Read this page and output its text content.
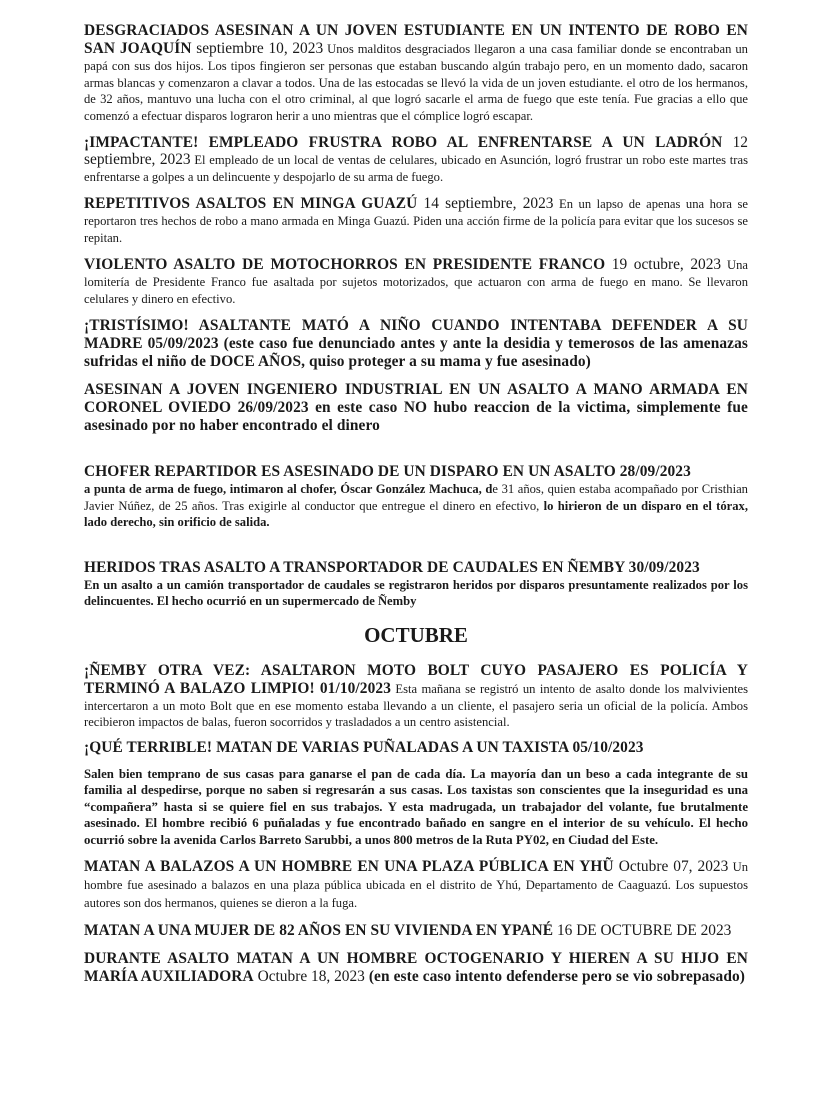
DESGRACIADOS ASESINAN A UN JOVEN ESTUDIANTE EN UN INTENTO DE ROBO EN SAN JOAQUÍN septiembre 10, 2023 Unos malditos desgraciados llegaron a una casa familiar donde se encontraban un papá con sus dos hijos. Los tipos fingieron ser personas que estaban buscando algún trabajo pero, en un momento dado, sacaron armas blancas y comenzaron a clavar a todos. Una de las estocadas se llevó la vida de un joven estudiante. el otro de los hermanos, de 32 años, mantuvo una lucha con el otro criminal, al que logró sacarle el arma de fuego que este tenía. Fue gracias a ello que comenzó a efectuar disparos lograron herir a uno mientras que el cómplice logró escapar.
¡IMPACTANTE! EMPLEADO FRUSTRA ROBO AL ENFRENTARSE A UN LADRÓN 12 septiembre, 2023 El empleado de un local de ventas de celulares, ubicado en Asunción, logró frustrar un robo este martes tras enfrentarse a golpes a un delincuente y despojarlo de su arma de fuego.
REPETITIVOS ASALTOS EN MINGA GUAZÚ 14 septiembre, 2023 En un lapso de apenas una hora se reportaron tres hechos de robo a mano armada en Minga Guazú. Piden una acción firme de la policía para evitar que los sucesos se repitan.
VIOLENTO ASALTO DE MOTOCHORROS EN PRESIDENTE FRANCO 19 octubre, 2023 Una lomitería de Presidente Franco fue asaltada por sujetos motorizados, que actuaron con arma de fuego en mano. Se llevaron celulares y dinero en efectivo.
¡TRISTÍSIMO! ASALTANTE MATÓ A NIÑO CUANDO INTENTABA DEFENDER A SU MADRE 05/09/2023 (este caso fue denunciado antes y ante la desidia y temerosos de las amenazas sufridas el niño de DOCE AÑOS, quiso proteger a su mama y fue asesinado)
ASESINAN A JOVEN INGENIERO INDUSTRIAL EN UN ASALTO A MANO ARMADA EN CORONEL OVIEDO 26/09/2023 en este caso NO hubo reaccion de la victima, simplemente fue asesinado por no haber encontrado el dinero
CHOFER REPARTIDOR ES ASESINADO DE UN DISPARO EN UN ASALTO 28/09/2023
a punta de arma de fuego, intimaron al chofer, Óscar González Machuca, de 31 años, quien estaba acompañado por Cristhian Javier Núñez, de 25 años. Tras exigirle al conductor que entregue el dinero en efectivo, lo hirieron de un disparo en el tórax, lado derecho, sin orificio de salida.
HERIDOS TRAS ASALTO A TRANSPORTADOR DE CAUDALES EN ÑEMBY 30/09/2023
En un asalto a un camión transportador de caudales se registraron heridos por disparos presuntamente realizados por los delincuentes. El hecho ocurrió en un supermercado de Ñemby
OCTUBRE
¡ÑEMBY OTRA VEZ: ASALTARON MOTO BOLT CUYO PASAJERO ES POLICÍA Y TERMINÓ A BALAZO LIMPIO! 01/10/2023 Esta mañana se registró un intento de asalto donde los malvivientes intercertaron a un moto Bolt que en ese momento estaba llevando a un cliente, el pasajero seria un oficial de la policía. Ambos recibieron impactos de balas, fueron socorridos y trasladados a un centro asistencial.
¡QUÉ TERRIBLE! MATAN DE VARIAS PUÑALADAS A UN TAXISTA 05/10/2023
Salen bien temprano de sus casas para ganarse el pan de cada día. La mayoría dan un beso a cada integrante de su familia al despedirse, porque no saben si regresarán a sus casas. Los taxistas son conscientes que la inseguridad es una “compañera” hasta si se quiere fiel en sus trabajos. Y esta madrugada, un trabajador del volante, fue brutalmente asesinado. El hombre recibió 6 puñaladas y fue encontrado bañado en sangre en el interior de su vehículo. El hecho ocurrió sobre la avenida Carlos Barreto Sarubbi, a unos 800 metros de la Ruta PY02, en Ciudad del Este.
MATAN A BALAZOS A UN HOMBRE EN UNA PLAZA PÚBLICA EN YHŨ Octubre 07, 2023 Un hombre fue asesinado a balazos en una plaza pública ubicada en el distrito de Yhú, Departamento de Caaguazú. Los supuestos autores son dos hermanos, quienes se dieron a la fuga.
MATAN A UNA MUJER DE 82 AÑOS EN SU VIVIENDA EN YPANÉ 16 DE OCTUBRE DE 2023
DURANTE ASALTO MATAN A UN HOMBRE OCTOGENARIO Y HIEREN A SU HIJO EN MARÍA AUXILIADORA Octubre 18, 2023 (en este caso intento defenderse pero se vio sobrepasado)
